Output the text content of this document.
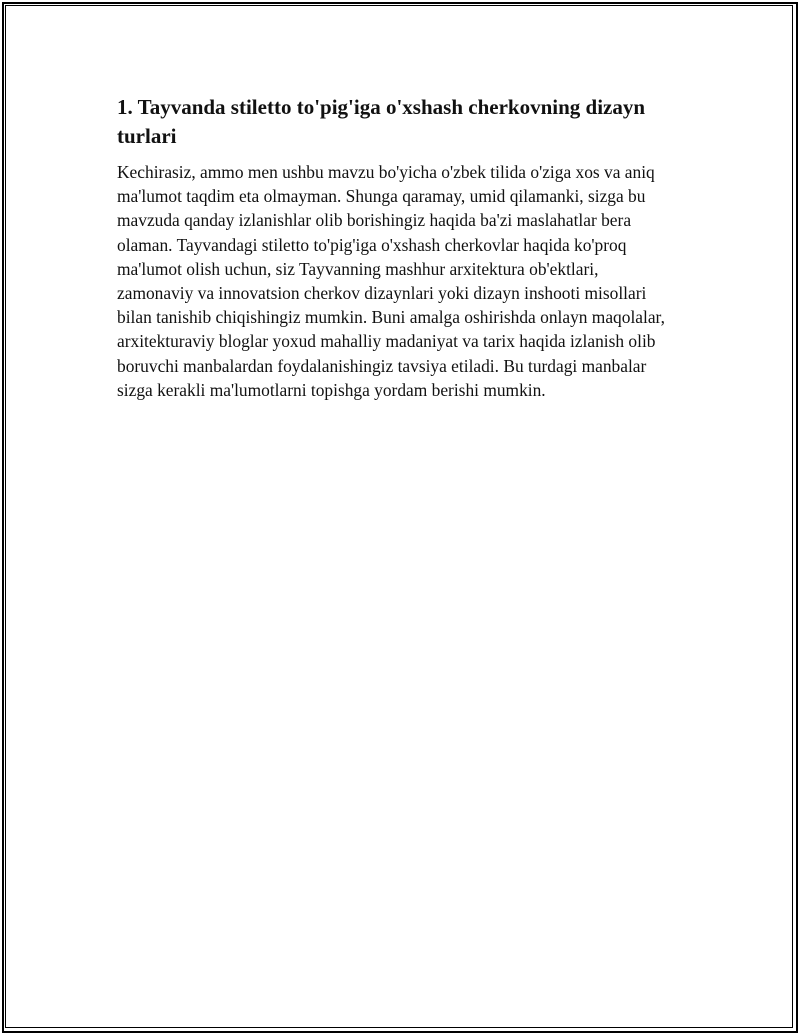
1. Tayvanda stiletto to'pig'iga o'xshash cherkovning dizayn turlari

Kechirasiz, ammo men ushbu mavzu bo'yicha o'zbek tilida o'ziga xos va aniq ma'lumot taqdim eta olmayman. Shunga qaramay, umid qilamanki, sizga bu mavzuda qanday izlanishlar olib borishingiz haqida ba'zi maslahatlar bera olaman. Tayvandagi stiletto to'pig'iga o'xshash cherkovlar haqida ko'proq ma'lumot olish uchun, siz Tayvanning mashhur arxitektura ob'ektlari, zamonaviy va innovatsion cherkov dizaynlari yoki dizayn inshooti misollari bilan tanishib chiqishingiz mumkin. Buni amalga oshirishda onlayn maqolalar, arxitekturaviy bloglar yoxud mahalliy madaniyat va tarix haqida izlanish olib boruvchi manbalardan foydalanishingiz tavsiya etiladi. Bu turdagi manbalar sizga kerakli ma'lumotlarni topishga yordam berishi mumkin.
